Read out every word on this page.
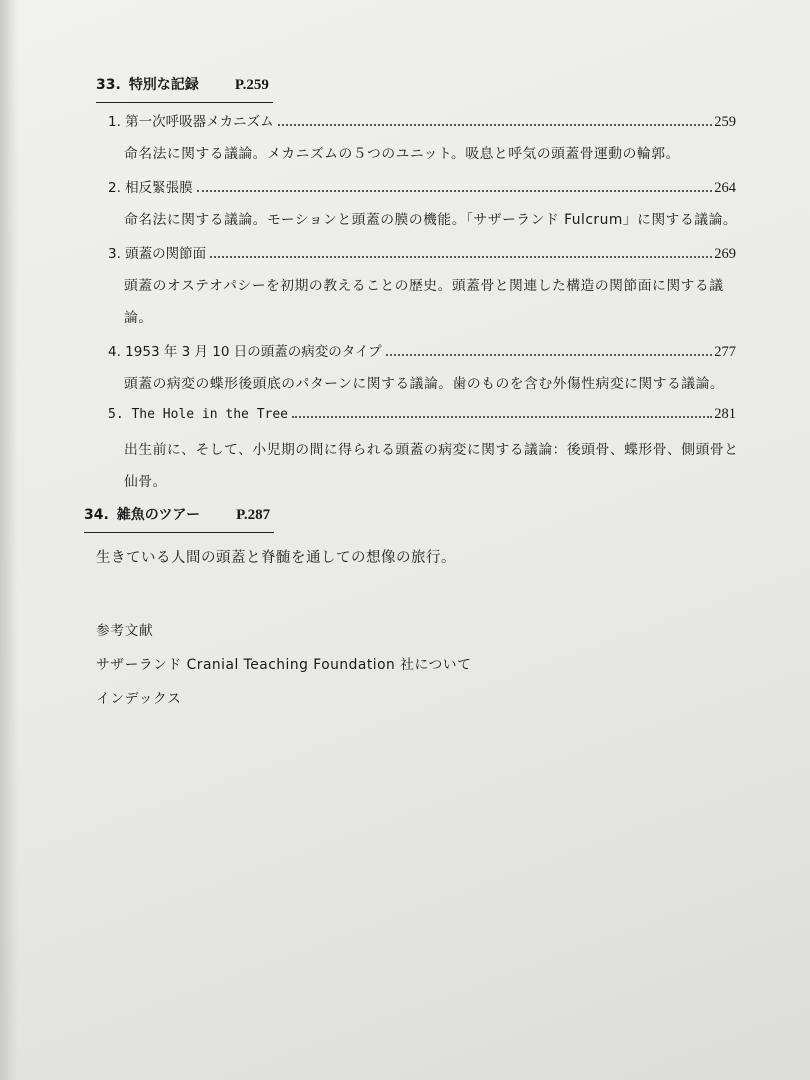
33. 特別な記録 P.259
1. 第一次呼吸器メカニズム	259
命名法に関する議論。メカニズムの５つのユニット。吸息と呼気の頭蓋骨運動の輪郭。
2. 相反緊張膜	264
命名法に関する議論。モーションと頭蓋の膜の機能。「サザーランド Fulcrum」に関する議論。
3. 頭蓋の関節面	269
頭蓋のオステオパシーを初期の教えることの歴史。頭蓋骨と関連した構造の関節面に関する議論。
4. 1953 年 3 月 10 日の頭蓋の病変のタイプ	277
頭蓋の病変の蝶形後頭底のパターンに関する議論。歯のものを含む外傷性病変に関する議論。
5. The Hole in the Tree	281
出生前に、そして、小児期の間に得られる頭蓋の病変に関する議論：後頭骨、蝶形骨、側頭骨と仙骨。
34. 雑魚のツアー P.287
生きている人間の頭蓋と脊髄を通しての想像の旅行。
参考文献
サザーランド Cranial Teaching Foundation 社について
インデックス
